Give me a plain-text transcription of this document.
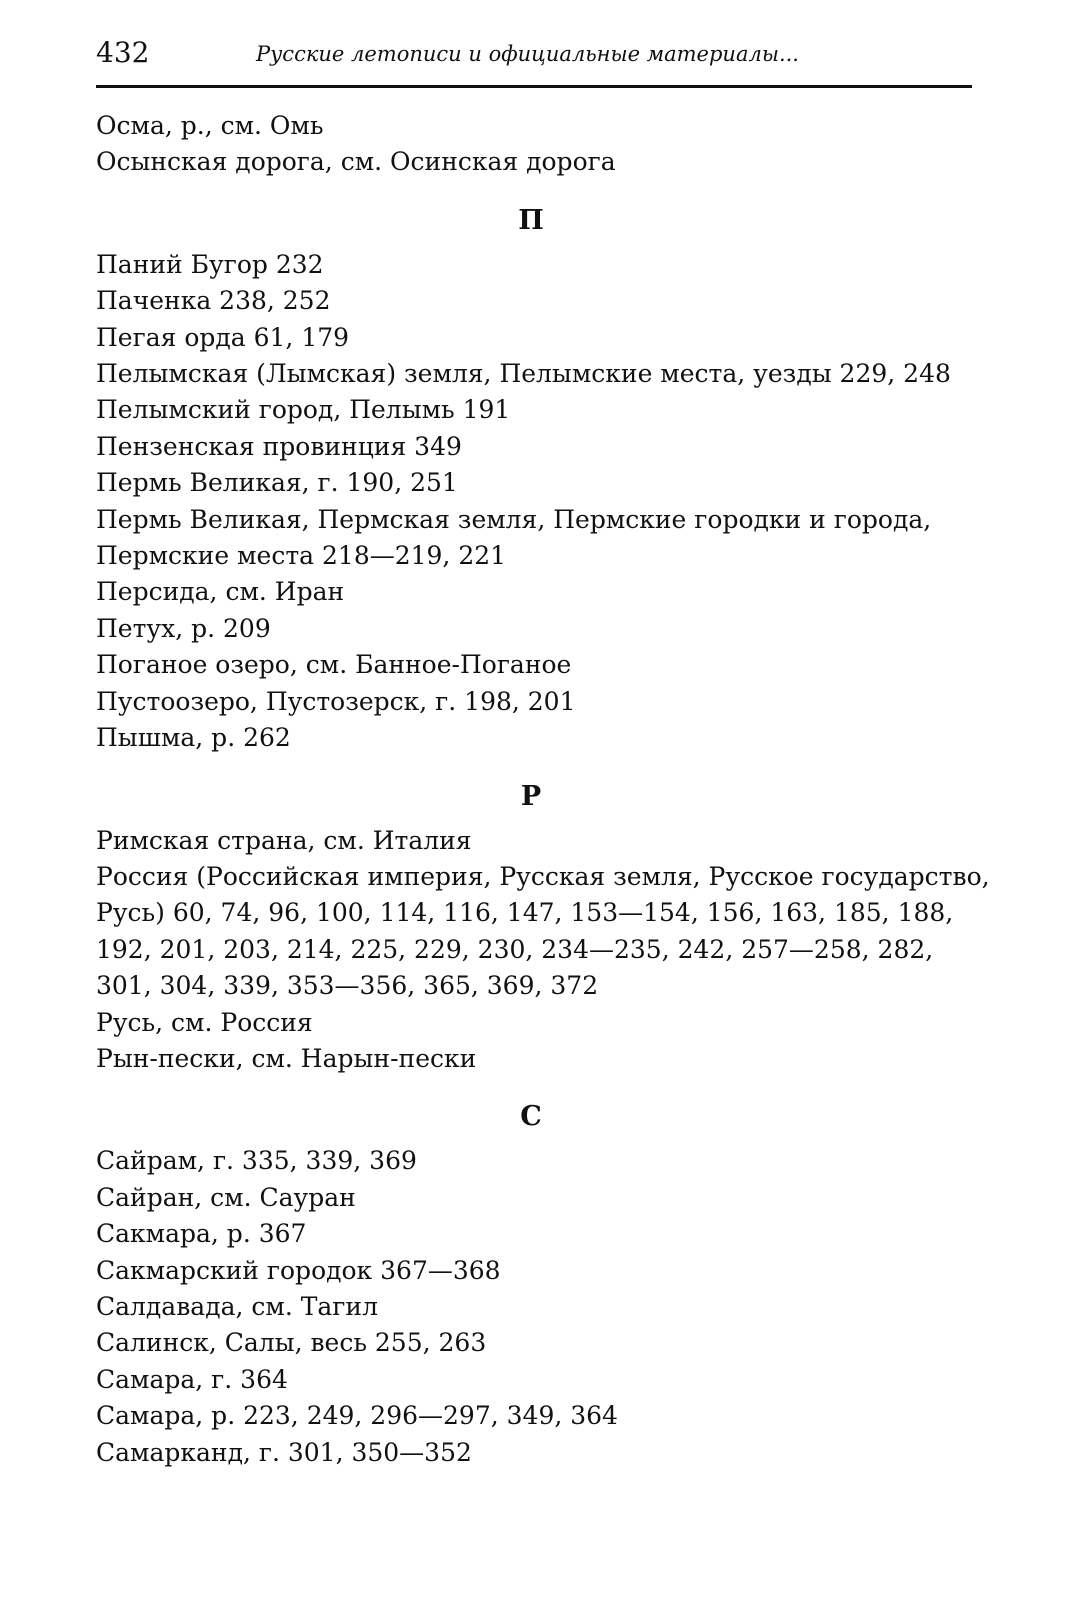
432	Русские летописи и официальные материалы...
Осма, р., см. Омь
Осынская дорога, см. Осинская дорога
П
Паний Бугор 232
Паченка 238, 252
Пегая орда 61, 179
Пелымская (Лымская) земля, Пелымские места, уезды 229, 248
Пелымский город, Пелымь 191
Пензенская провинция 349
Пермь Великая, г. 190, 251
Пермь Великая, Пермская земля, Пермские городки и города,
Пермские места 218—219, 221
Персида, см. Иран
Петух, р. 209
Поганое озеро, см. Банное-Поганое
Пустоозеро, Пустозерск, г. 198, 201
Пышма, р. 262
Р
Римская страна, см. Италия
Россия (Российская империя, Русская земля, Русское государство,
Русь) 60, 74, 96, 100, 114, 116, 147, 153—154, 156, 163, 185, 188,
192, 201, 203, 214, 225, 229, 230, 234—235, 242, 257—258, 282,
301, 304, 339, 353—356, 365, 369, 372
Русь, см. Россия
Рын-пески, см. Нарын-пески
С
Сайрам, г. 335, 339, 369
Сайран, см. Сауран
Сакмара, р. 367
Сакмарский городок 367—368
Салдавада, см. Тагил
Салинск, Салы, весь 255, 263
Самара, г. 364
Самара, р. 223, 249, 296—297, 349, 364
Самарканд, г. 301, 350—352
